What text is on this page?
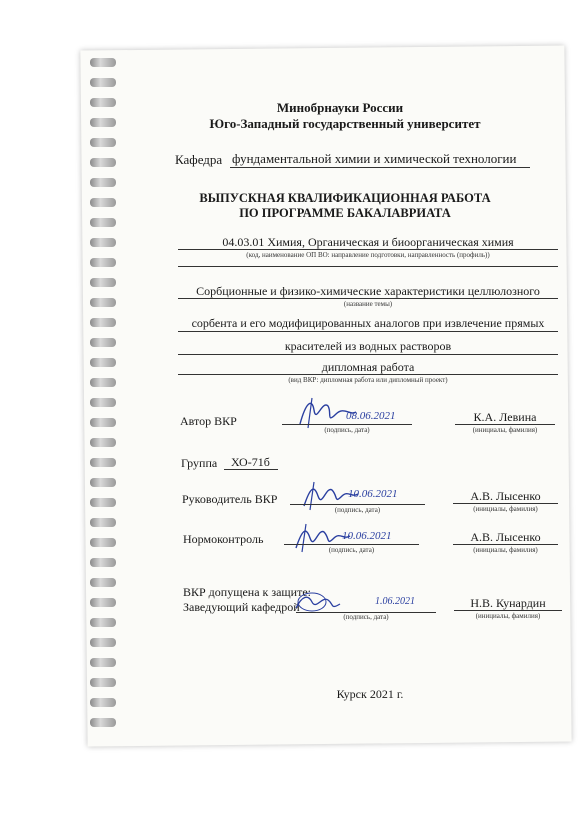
Минобрнауки России
Юго-Западный государственный университет
Кафедра фундаментальной химии и химической технологии
ВЫПУСКНАЯ КВАЛИФИКАЦИОННАЯ РАБОТА
ПО ПРОГРАММЕ БАКАЛАВРИАТА
04.03.01 Химия, Органическая и биоорганическая химия
(код, наименование ОП ВО: направление подготовки, направленность (профиль))
Сорбционные и физико-химические характеристики целлюлозного
(название темы)
сорбента и его модифицированных аналогов при извлечение прямых
красителей из водных растворов
дипломная работа
(вид ВКР: дипломная работа или дипломный проект)
Автор ВКР	08.06.2021
(подпись, дата)
К.А. Левина
(инициалы, фамилия)
Группа ХО-71б
Руководитель ВКР	10.06.2021
(подпись, дата)
А.В. Лысенко
(инициалы, фамилия)
Нормоконтроль	10.06.2021
(подпись, дата)
А.В. Лысенко
(инициалы, фамилия)
ВКР допущена к защите:
Заведующий кафедрой	1.06.2021
(подпись, дата)
Н.В. Кунардин
(инициалы, фамилия)
Курск 2021 г.
